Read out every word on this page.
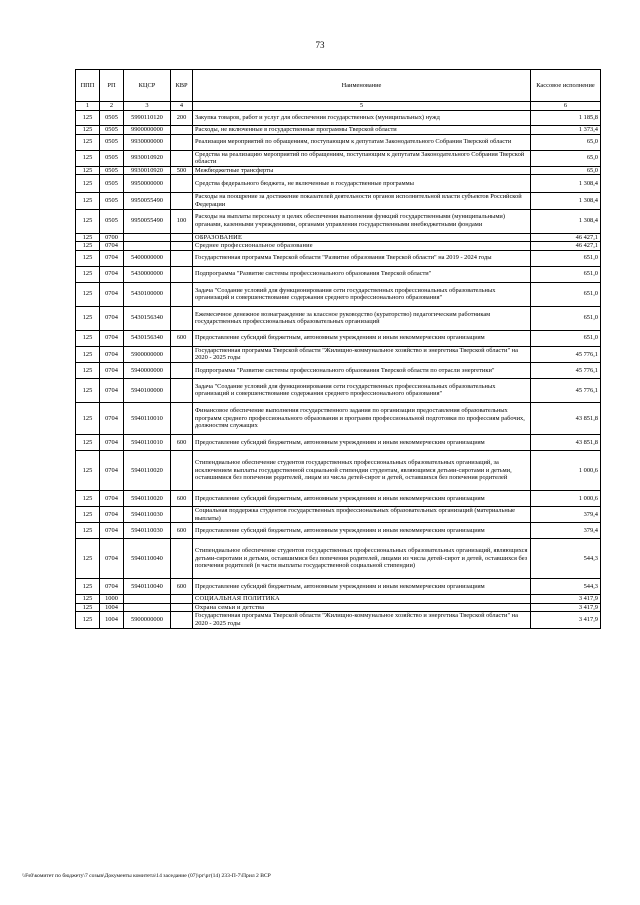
73
ППП	РП	КЦСР	КВР	Наименование	Кассовое исполнение
1	2	3	4	5	6
125	0505	5990110120	200	Закупка товаров, работ и услуг для обеспечения государственных (муниципальных) нужд	1 185,8
125	0505	9900000000		Расходы, не включенные в государственные программы Тверской области	1 373,4
125	0505	9930000000		Реализация мероприятий по обращениям, поступающим к депутатам Законодательного Собрания Тверской области	65,0
125	0505	9930010920		Средства на реализацию мероприятий по обращениям, поступающим к депутатам Законодательного Собрания Тверской области	65,0
125	0505	9930010920	500	Межбюджетные трансферты	65,0
125	0505	9950000000		Средства федерального бюджета, не включенные в государственные программы	1 308,4
125	0505	9950055490		Расходы на поощрение за достижение показателей деятельности органов исполнительной власти субъектов Российской Федерации	1 308,4
125	0505	9950055490	100	Расходы на выплаты персоналу в целях обеспечения выполнения функций государственными (муниципальными) органами, казенными учреждениями, органами управления государственными внебюджетными фондами	1 308,4
125	0700			ОБРАЗОВАНИЕ	46 427,1
125	0704			Среднее профессиональное образование	46 427,1
125	0704	5400000000		Государственная программа Тверской области "Развитие образования Тверской области" на 2019 - 2024 годы	651,0
125	0704	5430000000		Подпрограмма "Развитие системы профессионального образования Тверской области"	651,0
125	0704	5430100000		Задача "Создание условий для функционирования сети государственных профессиональных образовательных организаций и совершенствование содержания среднего профессионального образования"	651,0
125	0704	5430156340		Ежемесячное денежное вознаграждение за классное руководство (кураторство) педагогическим работникам государственных профессиональных образовательных организаций	651,0
125	0704	5430156340	600	Предоставление субсидий бюджетным, автономным учреждениям и иным некоммерческим организациям	651,0
125	0704	5900000000		Государственная программа Тверской области "Жилищно-коммунальное хозяйство и энергетика Тверской области" на 2020 - 2025 годы	45 776,1
125	0704	5940000000		Подпрограмма "Развитие системы профессионального образования Тверской области по отрасли энергетики"	45 776,1
125	0704	5940100000		Задача "Создание условий для функционирования сети государственных профессиональных образовательных организаций и совершенствование содержания среднего профессионального образования"	45 776,1
125	0704	5940110010		Финансовое обеспечение выполнения государственного задания по организации предоставления образовательных программ среднего профессионального образования и программ профессиональной подготовки по профессиям рабочих, должностям служащих	43 851,8
125	0704	5940110010	600	Предоставление субсидий бюджетным, автономным учреждениям и иным некоммерческим организациям	43 851,8
125	0704	5940110020		Стипендиальное обеспечение студентов государственных профессиональных образовательных организаций, за исключением выплаты государственной социальной стипендии студентам, являющимся детьми-сиротами и детьми, оставшимися без попечения родителей, лицам из числа детей-сирот и детей, оставшихся без попечения родителей	1 000,6
125	0704	5940110020	600	Предоставление субсидий бюджетным, автономным учреждениям и иным некоммерческим организациям	1 000,6
125	0704	5940110030		Социальная поддержка студентов государственных профессиональных образовательных организаций (материальные выплаты)	379,4
125	0704	5940110030	600	Предоставление субсидий бюджетным, автономным учреждениям и иным некоммерческим организациям	379,4
125	0704	5940110040		Стипендиальное обеспечение студентов государственных профессиональных образовательных организаций, являющихся детьми-сиротами и детьми, оставшимися без попечения родителей, лицами из числа детей-сирот и детей, оставшихся без попечения родителей (в части выплаты государственной социальной стипендии)	544,3
125	0704	5940110040	600	Предоставление субсидий бюджетным, автономным учреждениям и иным некоммерческим организациям	544,3
125	1000			СОЦИАЛЬНАЯ ПОЛИТИКА	3 417,9
125	1004			Охрана семьи и детства	3 417,9
125	1004	5900000000		Государственная программа Тверской области "Жилищно-коммунальное хозяйство и энергетика Тверской области" на 2020 - 2025 годы	3 417,9
\\Fs0\комитет по бюджету\7 созыв\Документы комитета\14 заседание (07)\рг\рг(14) 233-П-7\Прил 2 ВСР
